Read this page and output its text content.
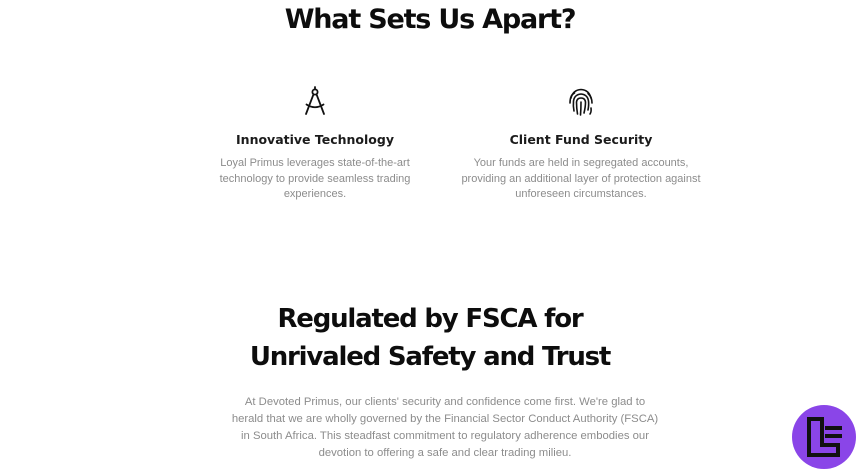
What Sets Us Apart?
Innovative Technology

Loyal Primus leverages state-of-the-art technology to provide seamless trading experiences.

Client Fund Security

Your funds are held in segregated accounts, providing an additional layer of protection against unforeseen circumstances.

Regulated by FSCA for
Unrivaled Safety and Trust

At Devoted Primus, our clients' security and confidence come first. We're glad to herald that we are wholly governed by the Financial Sector Conduct Authority (FSCA) in South Africa. This steadfast commitment to regulatory adherence embodies our devotion to offering a safe and clear trading milieu.
